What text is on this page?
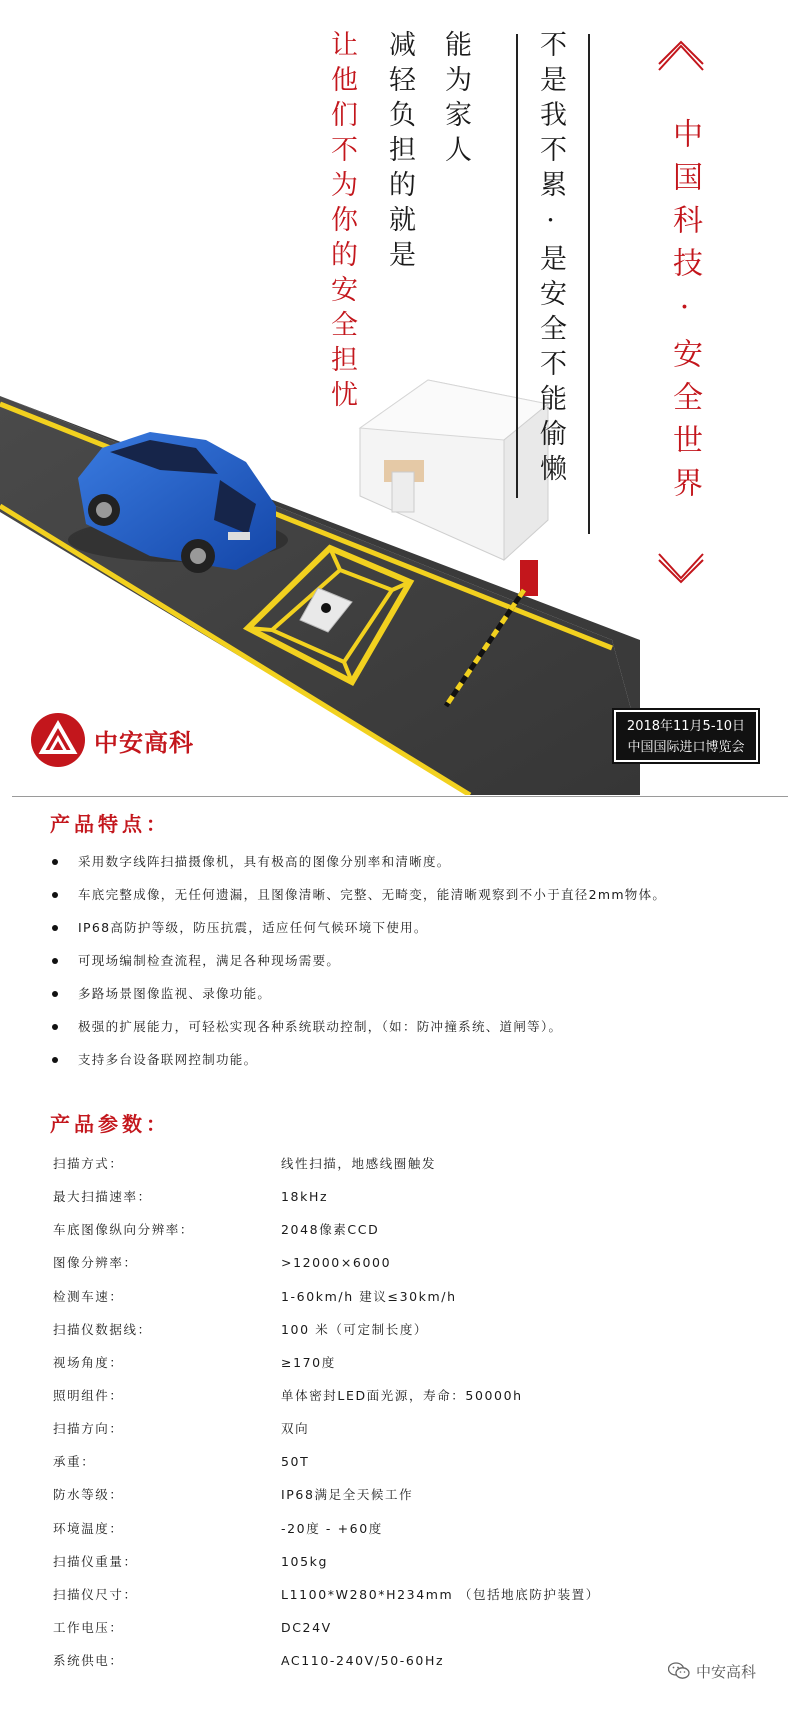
不是我不累·是安全不能偷懒
能为家人
减轻负担的就是
让他们不为你的安全担忧	中国科技·安全世界
中安高科
2018年11月5-10日
中国国际进口博览会
产品特点：
采用数字线阵扫描摄像机，具有极高的图像分别率和清晰度。
车底完整成像，无任何遗漏，且图像清晰、完整、无畸变，能清晰观察到不小于直径2mm物体。
IP68高防护等级，防压抗震，适应任何气候环境下使用。
可现场编制检查流程，满足各种现场需要。
多路场景图像监视、录像功能。
极强的扩展能力，可轻松实现各种系统联动控制，（如：防冲撞系统、道闸等）。
支持多台设备联网控制功能。
产品参数：
扫描方式：	线性扫描，地感线圈触发
最大扫描速率：	18kHz
车底图像纵向分辨率：	2048像素CCD
图像分辨率：	>12000×6000
检测车速：	1-60km/h 建议≤30km/h
扫描仪数据线：	100 米（可定制长度）
视场角度：	≥170度
照明组件：	单体密封LED面光源，寿命：50000h
扫描方向：	双向
承重：	50T
防水等级：	IP68满足全天候工作
环境温度：	-20度 - +60度
扫描仪重量：	105kg
扫描仪尺寸：	L1100*W280*H234mm （包括地底防护装置）
工作电压：	DC24V
系统供电：	AC110-240V/50-60Hz
中安高科
